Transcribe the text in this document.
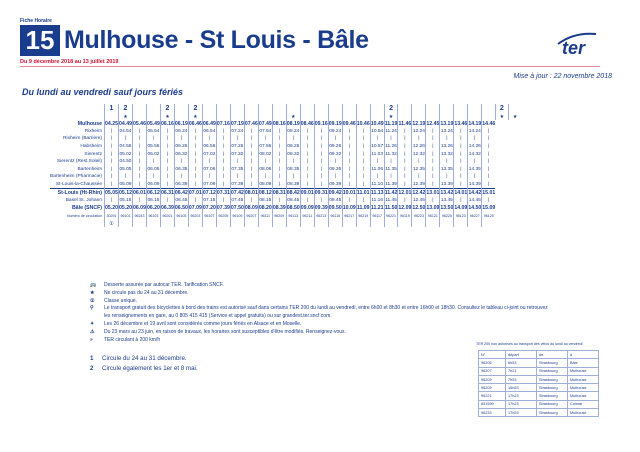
Fiche Horaire
15 Mulhouse - St Louis - Bâle
Du 9 décembre 2018 au 13 juillet 2019
ter
Mise à jour : 22 novembre 2018
Du lundi au vendredi sauf jours fériés
	1	2			2		2														2								2	
		★			★		★							★							★								★	★
Mulhouse	04.25	04.49	05.46	05.49	06.16	06.19	06.46	06.49	07.16	07.19	07.46	07.49	08.16	08.19	08.46	09.16	09.19	09.46	10.46	10.49	11.19	11.46	12.19	12.45	13.19	13.46	14.19	14.46		
Rixheim	|	04.54	|	05.54	|	06.24	|	06.54	|	07.24	|	07.54	|	08.24	|	|	09.24	|	|	10.54	11.24	|	12.24	|	13.24	|	14.24	|		
Rixheim (Barrière)	|	|	|	|	|	|	|	|	|	|	|	|	|	|	|	|	|	|	|	|	|	|	|	|	|	|	|	|		
Habsheim	|	04.56	|	05.56	|	06.26	|	06.56	|	07.26	|	07.56	|	08.26	|	|	09.26	|	|	10.57	11.26	|	12.26	|	13.26	|	14.26	|		
Sierentz	|	05.02	|	06.02	|	06.32	|	07.02	|	07.32	|	08.02	|	08.32	|	|	09.32	|	|	11.03	11.32	|	12.32	|	13.32	|	14.32	|		
Sierentz (Rest.Soleil)	|	04.50	|	|	|	|	|	|	|	|	|	|	|	|	|	|	|	|	|	|	|	|	|	|	|	|	|	|		
Bartenheim	|	05.05	|	06.05	|	06.35	|	07.06	|	07.35	|	08.06	|	08.35	|	|	09.35	|	|	11.06	11.35	|	12.35	|	13.35	|	14.35	|		
Bartenheim (Pharmacie)	|	|	|	|	|	|	|	|	|	|	|	|	|	|	|	|	|	|	|	|	|	|	|	|	|	|	|	|		
St-Louis-la-Chaussée	|	05.09	|	06.09	|	06.39	|	07.09	|	07.39	|	08.09	|	08.39	|	|	09.39	|	|	11.10	11.39	|	12.39	|	13.39	|	14.39	|		
St-Louis (Ht-Rhin)	05.05	05.12	06.01	06.12	06.31	06.42	07.01	07.12	07.31	07.42	08.01	08.12	08.31	08.42	09.01	09.31	09.42	10.01	11.01	11.13	11.42	12.01	12.42	13.01	13.42	14.01	14.42	15.01		
Basel St. Johann	|	05.15	|	06.15	|	06.45	|	07.15	|	07.45	|	08.15	|	08.45	|	|	09.45	|	|	11.16	11.45	|	12.45	|	13.45	|	14.45	|		
Bâle (SNCF)	05.20	05.20	06.09	06.20	06.39	06.50	07.09	07.20	07.39	07.50	08.09	08.20	08.39	08.50	09.09	09.39	09.50	10.09	11.09	11.21	11.50	12.09	12.50	13.09	13.50	14.09	14.50	15.09		
Numéro de circulation	30291	96101	96243	96103	96201	96105	96203	96107	96205	96109	96207	96111	96209	96113	96211	96213	96115	96217	96219	96117	96221	96119	96223	96121	96225	96123	96227	96125		
	①																													
🚌	Desserte assurée par autocar TER. Tarification SNCF.
★	Ne circule pas du 24 au 31 décembre.
①	Classe unique.
⚲	Le transport gratuit des bicyclettes à bord des trains est autorisé sauf dans certains TER 200 du lundi au vendredi, entre 6h00 et 8h30 et entre 16h00 et 18h30. Consultez le tableau ci-joint ou retrouvez les renseignements en gare, au 0 805 415 415 (Service et appel gratuits) ou sur grandest.ter.sncf.com.
✦	Les 26 décembre et 19 avril sont considérés comme jours fériés en Alsace et en Moselle.
⚠	Du 23 mars au 23 juin, en raison de travaux, les horaires sont susceptibles d'être modifiés. Renseignez-vous.
»	TER circulant à 200 km/h
1 Circule du 24 au 31 décembre.
2 Circule également les 1er et 8 mai.
TER 200 non autorisés au transport des vélos du lundi au vendredi
N°	départ	de	à
96205	6h53	Strasbourg	Bâle
96207	7h21	Strasbourg	Mulhouse
96209	7h53	Strasbourg	Mulhouse
96209	16h53	Strasbourg	Mulhouse
96221	17h23	Strasbourg	Mulhouse
831599	17h23	Strasbourg	Colmar
96233	17h53	Strasbourg	Mulhouse
